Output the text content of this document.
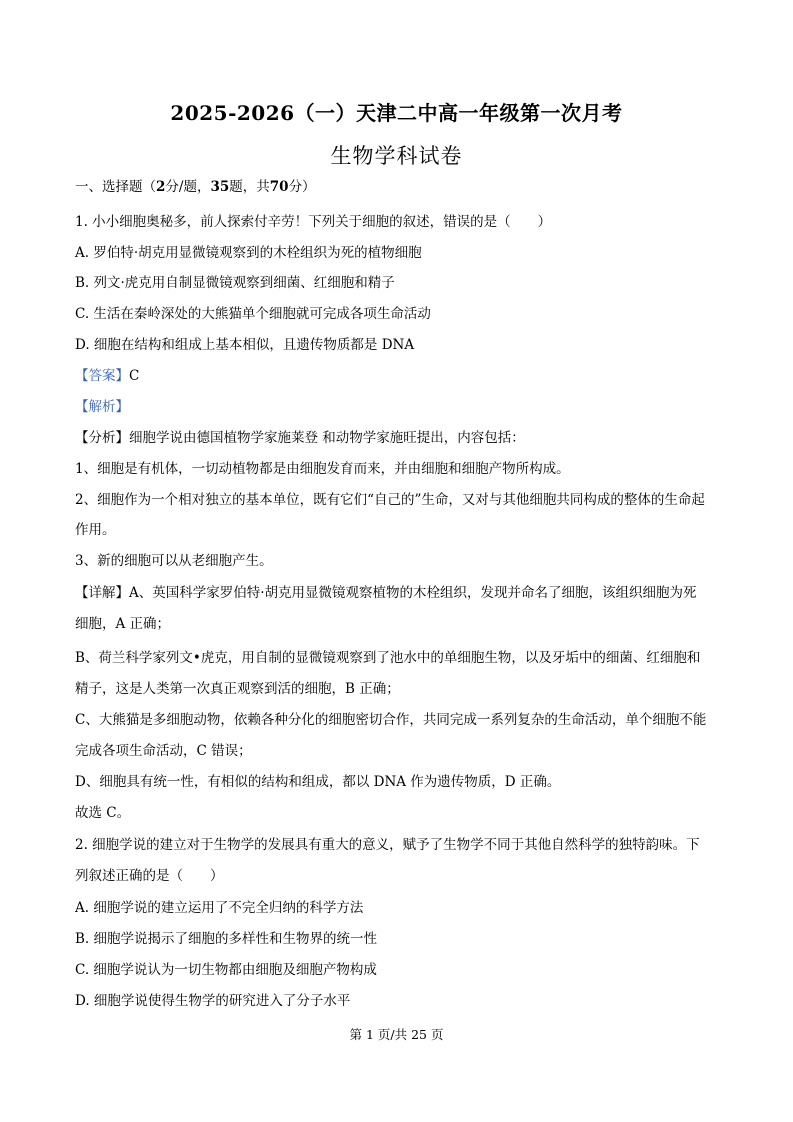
2025-2026（一）天津二中高一年级第一次月考
生物学科试卷
一、选择题（2分/题，35题，共70分）
1. 小小细胞奥秘多，前人探索付辛劳！下列关于细胞的叙述，错误的是（　　）
A. 罗伯特·胡克用显微镜观察到的木栓组织为死的植物细胞
B. 列文·虎克用自制显微镜观察到细菌、红细胞和精子
C. 生活在秦岭深处的大熊猫单个细胞就可完成各项生命活动
D. 细胞在结构和组成上基本相似，且遗传物质都是 DNA
【答案】C
【解析】
【分析】细胞学说由德国植物学家施莱登 和动物学家施旺提出，内容包括：
1、细胞是有机体，一切动植物都是由细胞发育而来，并由细胞和细胞产物所构成。
2、细胞作为一个相对独立的基本单位，既有它们“自己的”生命，又对与其他细胞共同构成的整体的生命起
作用。
3、新的细胞可以从老细胞产生。
【详解】A、英国科学家罗伯特·胡克用显微镜观察植物的木栓组织，发现并命名了细胞，该组织细胞为死
细胞，A 正确；
B、荷兰科学家列文•虎克，用自制的显微镜观察到了池水中的单细胞生物，以及牙垢中的细菌、红细胞和
精子，这是人类第一次真正观察到活的细胞，B 正确；
C、大熊猫是多细胞动物，依赖各种分化的细胞密切合作，共同完成一系列复杂的生命活动，单个细胞不能
完成各项生命活动，C 错误；
D、细胞具有统一性，有相似的结构和组成，都以 DNA 作为遗传物质，D 正确。
故选 C。
2. 细胞学说的建立对于生物学的发展具有重大的意义，赋予了生物学不同于其他自然科学的独特韵味。下
列叙述正确的是（　　）
A. 细胞学说的建立运用了不完全归纳的科学方法
B. 细胞学说揭示了细胞的多样性和生物界的统一性
C. 细胞学说认为一切生物都由细胞及细胞产物构成
D. 细胞学说使得生物学的研究进入了分子水平
第 1 页/共 25 页
